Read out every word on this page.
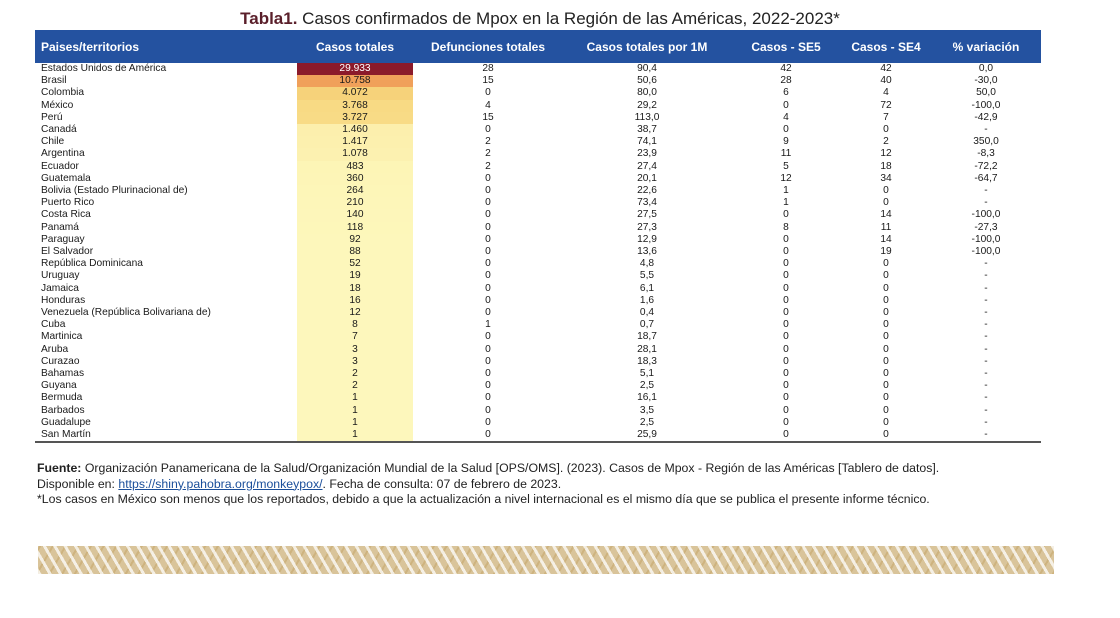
Tabla1. Casos confirmados de Mpox en la Región de las Américas, 2022-2023*
Paises/territorios	Casos totales	Defunciones totales	Casos totales por 1M	Casos - SE5	Casos - SE4	% variación
Estados Unidos de América	29.933	28	90,4	42	42	0,0
Brasil	10.758	15	50,6	28	40	-30,0
Colombia	4.072	0	80,0	6	4	50,0
México	3.768	4	29,2	0	72	-100,0
Perú	3.727	15	113,0	4	7	-42,9
Canadá	1.460	0	38,7	0	0	-
Chile	1.417	2	74,1	9	2	350,0
Argentina	1.078	2	23,9	11	12	-8,3
Ecuador	483	2	27,4	5	18	-72,2
Guatemala	360	0	20,1	12	34	-64,7
Bolivia (Estado Plurinacional de)	264	0	22,6	1	0	-
Puerto Rico	210	0	73,4	1	0	-
Costa Rica	140	0	27,5	0	14	-100,0
Panamá	118	0	27,3	8	11	-27,3
Paraguay	92	0	12,9	0	14	-100,0
El Salvador	88	0	13,6	0	19	-100,0
República Dominicana	52	0	4,8	0	0	-
Uruguay	19	0	5,5	0	0	-
Jamaica	18	0	6,1	0	0	-
Honduras	16	0	1,6	0	0	-
Venezuela (República Bolivariana de)	12	0	0,4	0	0	-
Cuba	8	1	0,7	0	0	-
Martinica	7	0	18,7	0	0	-
Aruba	3	0	28,1	0	0	-
Curazao	3	0	18,3	0	0	-
Bahamas	2	0	5,1	0	0	-
Guyana	2	0	2,5	0	0	-
Bermuda	1	0	16,1	0	0	-
Barbados	1	0	3,5	0	0	-
Guadalupe	1	0	2,5	0	0	-
San Martín	1	0	25,9	0	0	-
Fuente: Organización Panamericana de la Salud/Organización Mundial de la Salud [OPS/OMS]. (2023). Casos de Mpox - Región de las Américas [Tablero de datos].
Disponible en: https://shiny.pahobra.org/monkeypox/. Fecha de consulta: 07 de febrero de 2023.
*Los casos en México son menos que los reportados, debido a que la actualización a nivel internacional es el mismo día que se publica el presente informe técnico.
